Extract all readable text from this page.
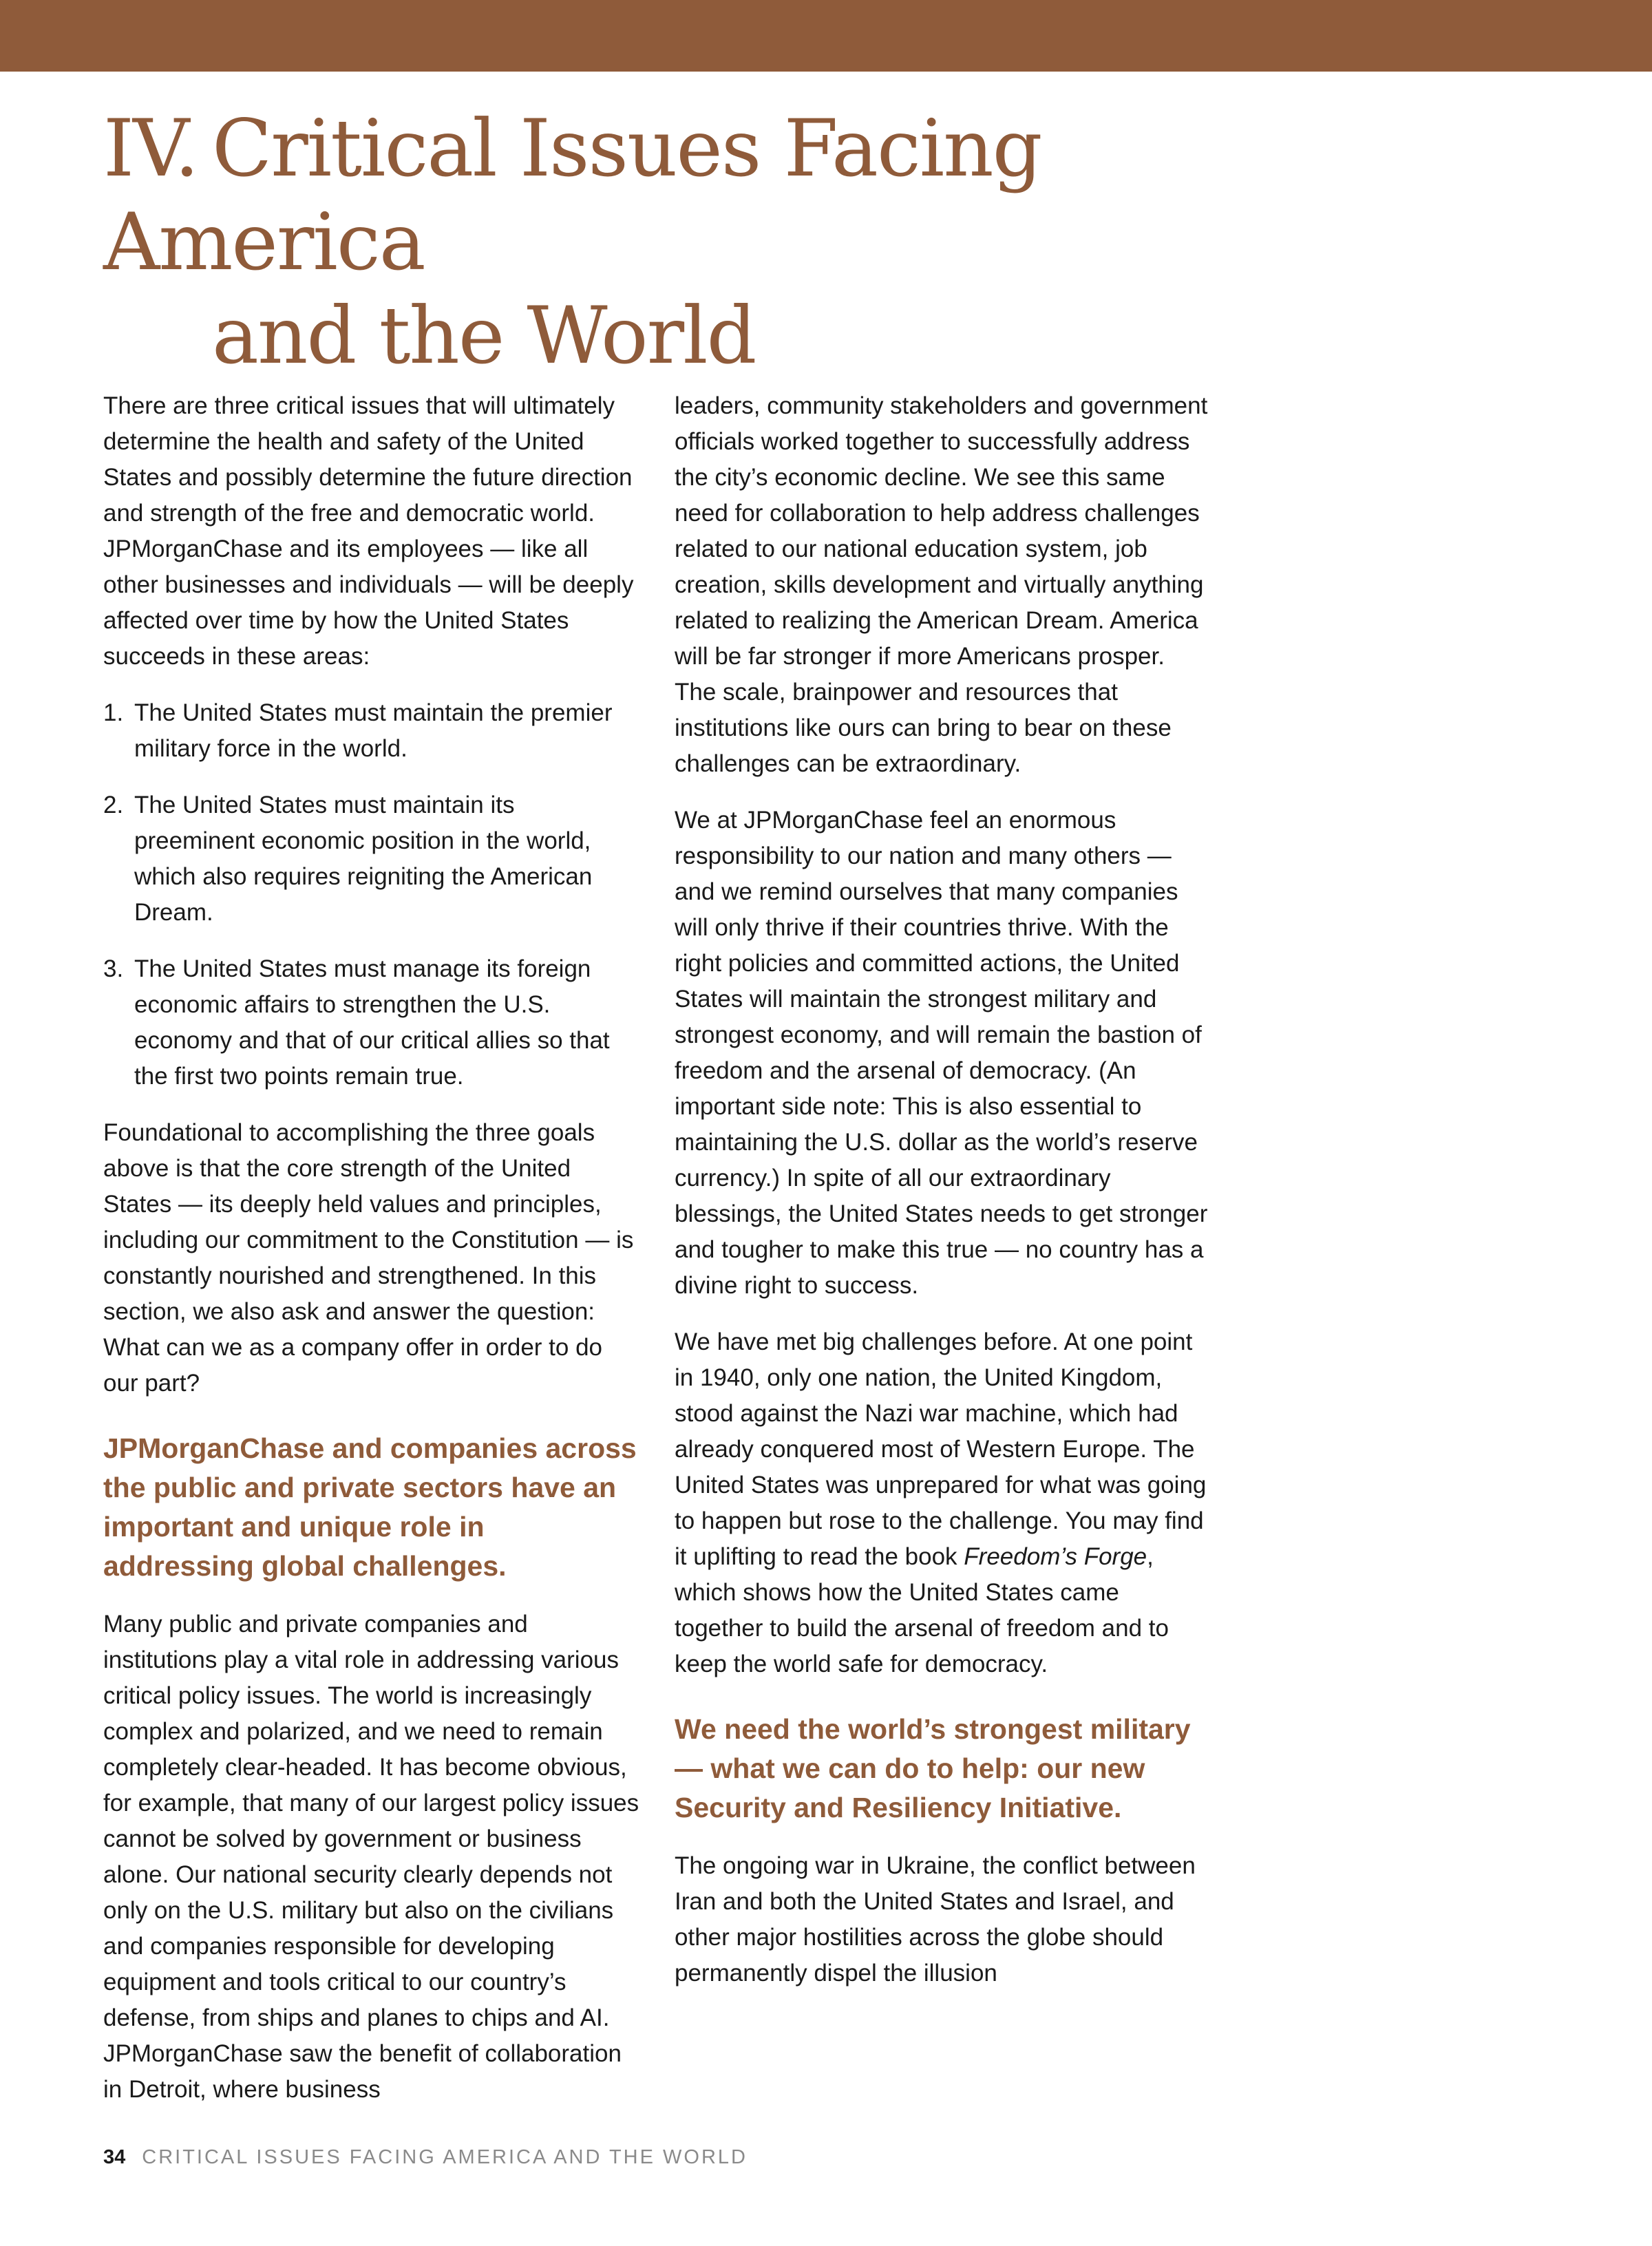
IV. Critical Issues Facing America
and the World

There are three critical issues that will ultimately determine the health and safety of the United States and possibly determine the future direction and strength of the free and democratic world. JPMorganChase and its employees — like all other businesses and individuals — will be deeply affected over time by how the United States succeeds in these areas:

1. The United States must maintain the premier military force in the world.
2. The United States must maintain its preeminent economic position in the world, which also requires reigniting the American Dream.
3. The United States must manage its foreign economic affairs to strengthen the U.S. economy and that of our critical allies so that the first two points remain true.

Foundational to accomplishing the three goals above is that the core strength of the United States — its deeply held values and principles, including our commitment to the Constitution — is constantly nourished and strengthened. In this section, we also ask and answer the question: What can we as a company offer in order to do our part?

JPMorganChase and companies across the public and private sectors have an important and unique role in addressing global challenges.

Many public and private companies and institutions play a vital role in addressing various critical policy issues. The world is increasingly complex and polarized, and we need to remain completely clear-headed. It has become obvious, for example, that many of our largest policy issues cannot be solved by government or business alone. Our national security clearly depends not only on the U.S. military but also on the civilians and companies responsible for developing equipment and tools critical to our country’s defense, from ships and planes to chips and AI. JPMorganChase saw the benefit of collaboration in Detroit, where business

leaders, community stakeholders and government officials worked together to successfully address the city’s economic decline. We see this same need for collaboration to help address challenges related to our national education system, job creation, skills development and virtually anything related to realizing the American Dream. America will be far stronger if more Americans prosper. The scale, brainpower and resources that institutions like ours can bring to bear on these challenges can be extraordinary.

We at JPMorganChase feel an enormous responsibility to our nation and many others — and we remind ourselves that many companies will only thrive if their countries thrive. With the right policies and committed actions, the United States will maintain the strongest military and strongest economy, and will remain the bastion of freedom and the arsenal of democracy. (An important side note: This is also essential to maintaining the U.S. dollar as the world’s reserve currency.) In spite of all our extraordinary blessings, the United States needs to get stronger and tougher to make this true — no country has a divine right to success.

We have met big challenges before. At one point in 1940, only one nation, the United Kingdom, stood against the Nazi war machine, which had already conquered most of Western Europe. The United States was unprepared for what was going to happen but rose to the challenge. You may find it uplifting to read the book Freedom’s Forge, which shows how the United States came together to build the arsenal of freedom and to keep the world safe for democracy.

We need the world’s strongest military — what we can do to help: our new Security and Resiliency Initiative.

The ongoing war in Ukraine, the conflict between Iran and both the United States and Israel, and other major hostilities across the globe should permanently dispel the illusion

34 CRITICAL ISSUES FACING AMERICA AND THE WORLD
